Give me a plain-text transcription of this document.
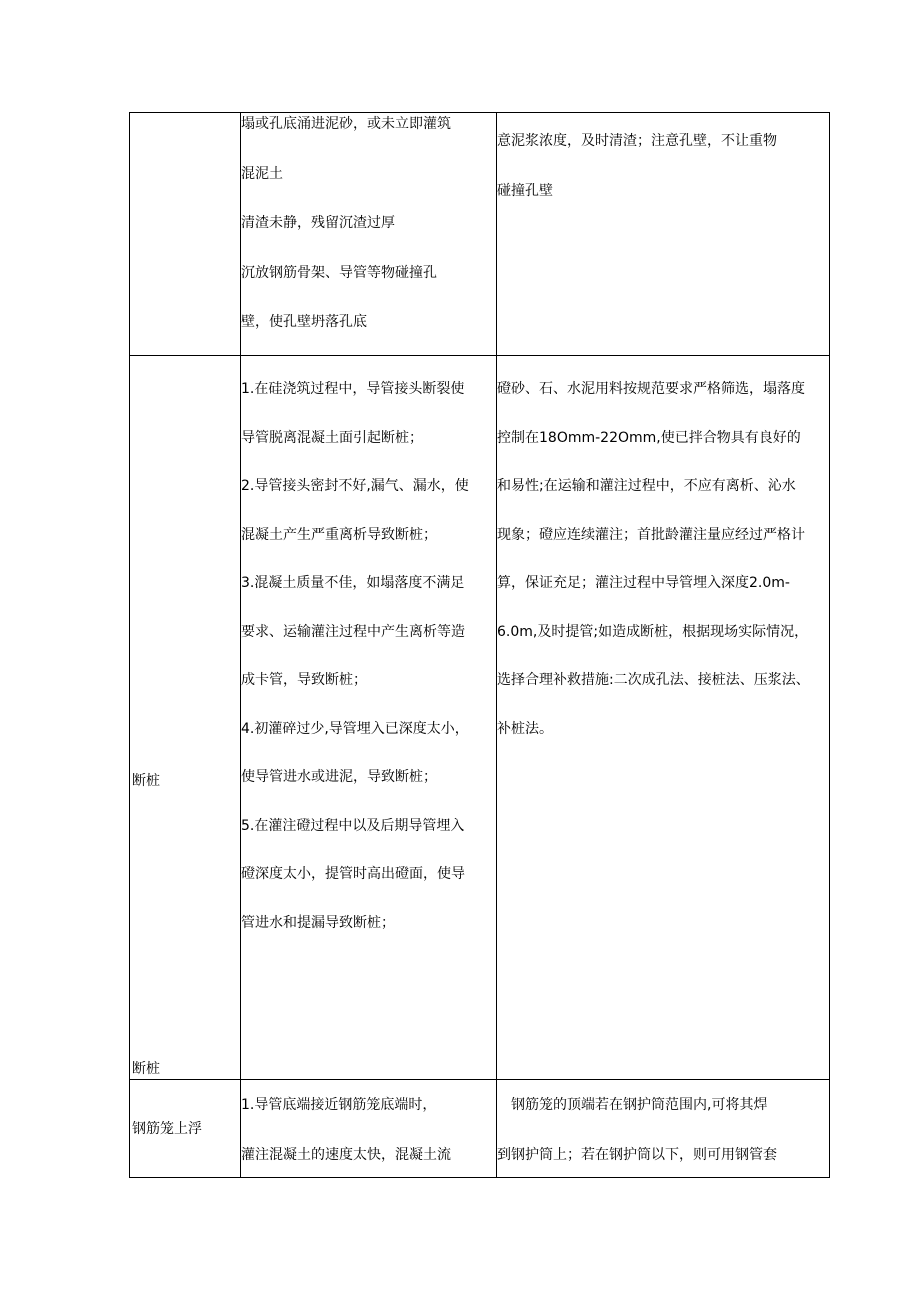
塌或孔底涌进泥砂，或未立即灌筑
混泥土
清渣未静，残留沉渣过厚
沉放钢筋骨架、导管等物碰撞孔
壁，使孔壁坍落孔底
意泥浆浓度，及时清渣；注意孔壁，不让重物
碰撞孔壁
断桩
断桩
1.在硅浇筑过程中，导管接头断裂使
导管脱离混凝土面引起断桩；
2.导管接头密封不好,漏气、漏水，使
混凝土产生严重离析导致断桩；
3.混凝土质量不佳，如塌落度不满足
要求、运输灌注过程中产生离析等造
成卡管，导致断桩；
4.初灌碎过少,导管埋入已深度太小，
使导管进水或进泥，导致断桩；
5.在灌注磴过程中以及后期导管埋入
磴深度太小，提管时高出磴面，使导
管进水和提漏导致断桩；
磴砂、石、水泥用料按规范要求严格筛选，塌落度
控制在18Omm-22Omm,使已拌合物具有良好的
和易性;在运输和灌注过程中，不应有离析、沁水
现象；磴应连续灌注；首批龄灌注量应经过严格计
算，保证充足；灌注过程中导管埋入深度2.0m-
6.0m,及时提管;如造成断桩，根据现场实际情况，
选择合理补救措施:二次成孔法、接桩法、压浆法、
补桩法。
钢筋笼上浮
1.导管底端接近钢筋笼底端时，
灌注混凝土的速度太快，混凝土流
钢筋笼的顶端若在钢护筒范围内,可将其焊
到钢护筒上；若在钢护筒以下，则可用钢管套
